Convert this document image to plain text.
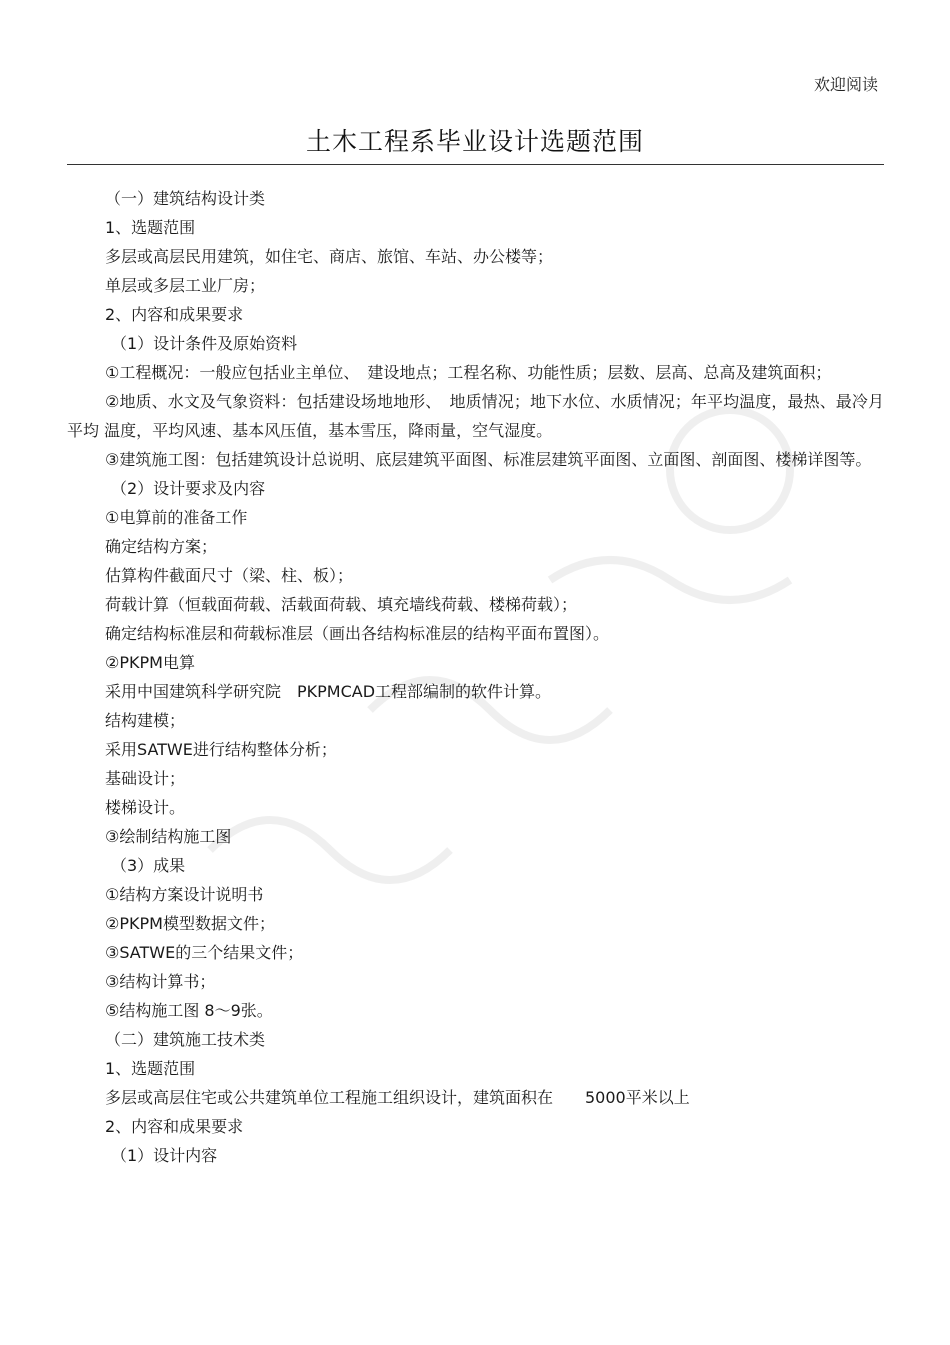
欢迎阅读
土木工程系毕业设计选题范围

（一）建筑结构设计类

1、选题范围

多层或高层民用建筑，如住宅、商店、旅馆、车站、办公楼等；

单层或多层工业厂房；

2、内容和成果要求

（1）设计条件及原始资料

①工程概况：一般应包括业主单位、　建设地点；工程名称、功能性质；层数、层高、总高及建筑面积；

②地质、水文及气象资料：包括建设场地地形、　地质情况；地下水位、水质情况；年平均温度，最热、最冷月平均 温度，平均风速、基本风压值，基本雪压，降雨量，空气湿度。

③建筑施工图：包括建筑设计总说明、底层建筑平面图、标准层建筑平面图、立面图、剖面图、楼梯详图等。

（2）设计要求及内容

①电算前的准备工作

确定结构方案；

估算构件截面尺寸（梁、柱、板）；

荷载计算（恒载面荷载、活载面荷载、填充墙线荷载、楼梯荷载）；

确定结构标准层和荷载标准层（画出各结构标准层的结构平面布置图）。

②PKPM电算

采用中国建筑科学研究院　PKPMCAD工程部编制的软件计算。

结构建模；

采用SATWE进行结构整体分析；

基础设计；

楼梯设计。

③绘制结构施工图

（3）成果

①结构方案设计说明书

②PKPM模型数据文件；

③SATWE的三个结果文件；

③结构计算书；

⑤结构施工图 8～9张。

（二）建筑施工技术类

1、选题范围

多层或高层住宅或公共建筑单位工程施工组织设计，建筑面积在　　5000平米以上

2、内容和成果要求

（1）设计内容
